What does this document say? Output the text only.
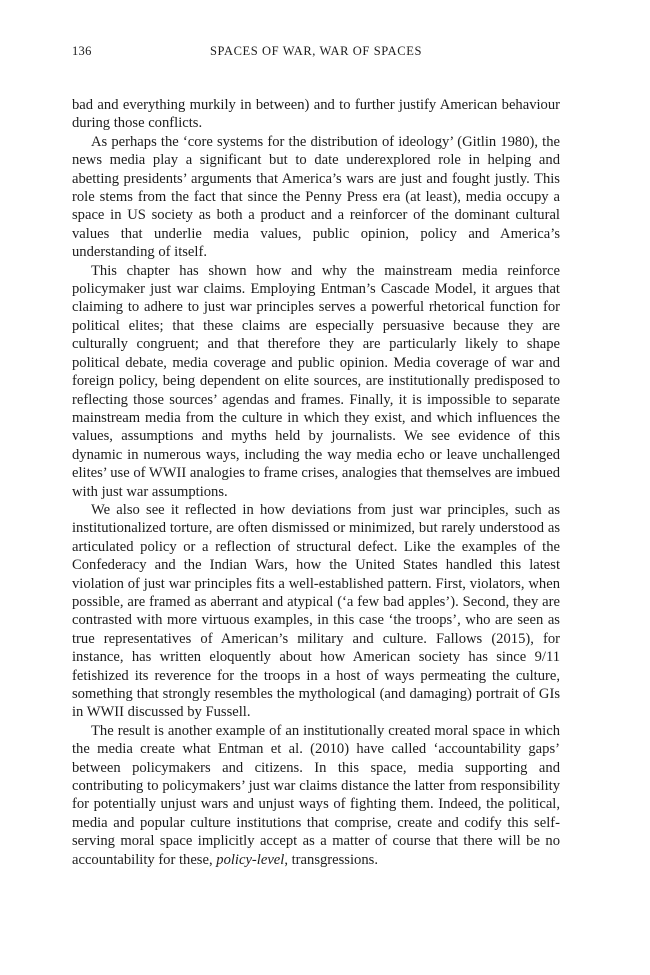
136	SPACES OF WAR, WAR OF SPACES

bad and everything murkily in between) and to further justify American behaviour during those conflicts.

As perhaps the ‘core systems for the distribution of ideology’ (Gitlin 1980), the news media play a significant but to date underexplored role in helping and abetting presidents’ arguments that America’s wars are just and fought justly. This role stems from the fact that since the Penny Press era (at least), media occupy a space in US society as both a product and a reinforcer of the dominant cultural values that underlie media values, public opinion, policy and America’s understanding of itself.

This chapter has shown how and why the mainstream media reinforce policymaker just war claims. Employing Entman’s Cascade Model, it argues that claiming to adhere to just war principles serves a powerful rhetorical function for political elites; that these claims are especially persuasive because they are culturally congruent; and that therefore they are particularly likely to shape political debate, media coverage and public opinion. Media coverage of war and foreign policy, being dependent on elite sources, are institutionally predisposed to reflecting those sources’ agendas and frames. Finally, it is impossible to separate mainstream media from the culture in which they exist, and which influences the values, assumptions and myths held by journalists. We see evidence of this dynamic in numerous ways, including the way media echo or leave unchallenged elites’ use of WWII analogies to frame crises, analogies that themselves are imbued with just war assumptions.

We also see it reflected in how deviations from just war principles, such as institutionalized torture, are often dismissed or minimized, but rarely understood as articulated policy or a reflection of structural defect. Like the examples of the Confederacy and the Indian Wars, how the United States handled this latest violation of just war principles fits a well-established pattern. First, violators, when possible, are framed as aberrant and atypical (‘a few bad apples’). Second, they are contrasted with more virtuous examples, in this case ‘the troops’, who are seen as true representatives of American’s military and culture. Fallows (2015), for instance, has written eloquently about how American society has since 9/11 fetishized its reverence for the troops in a host of ways permeating the culture, something that strongly resembles the mythological (and damaging) portrait of GIs in WWII discussed by Fussell.

The result is another example of an institutionally created moral space in which the media create what Entman et al. (2010) have called ‘accountability gaps’ between policymakers and citizens. In this space, media supporting and contributing to policymakers’ just war claims distance the latter from responsibility for potentially unjust wars and unjust ways of fighting them. Indeed, the political, media and popular culture institutions that comprise, create and codify this self-serving moral space implicitly accept as a matter of course that there will be no accountability for these, policy-level, transgressions.
